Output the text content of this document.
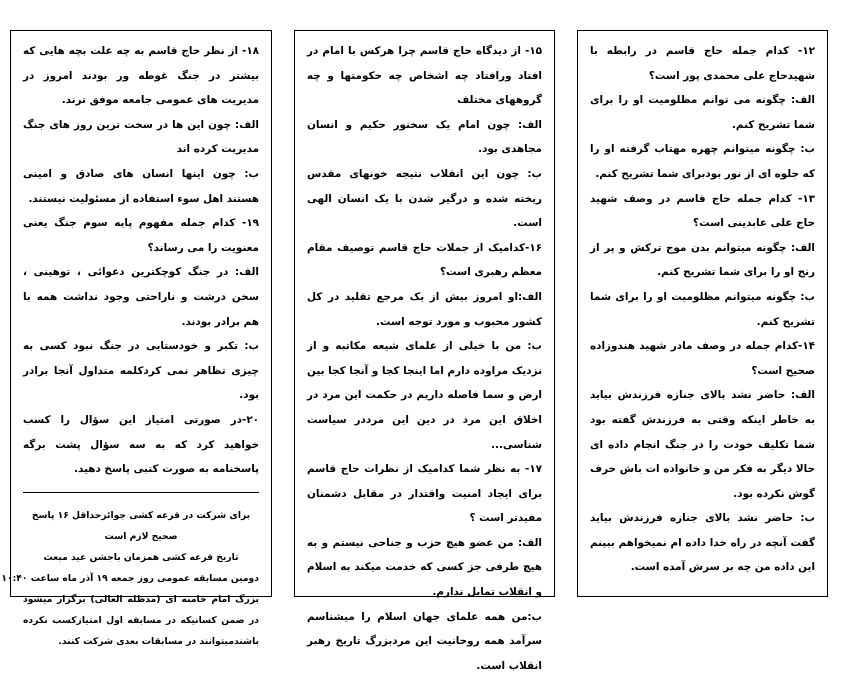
۱۲- کدام جمله حاج قاسم در رابطه با شهیدحاج علی محمدی پور است؟

الف: چگونه می توانم مظلومیت او را برای شما تشریح کنم.

ب: چگونه میتوانم چهره مهتاب گرفته او را که جلوه ای از نور بودبرای شما تشریح کنم.

۱۳- کدام جمله حاج قاسم در وصف شهید حاج علی عابدینی است؟

الف: چگونه میتوانم بدن موج ترکش و پر از رنج او را برای شما تشریح کنم.

ب: چگونه میتوانم مظلومیت او را برای شما تشریح کنم.

۱۴-کدام جمله در وصف مادر شهید هندوزاده صحیح است؟

الف: حاضر نشد بالای جنازه فرزندش بیاید به خاطر اینکه وقتی به فرزندش گفته بود شما تکلیف خودت را در جنگ انجام داده ای حالا دیگر به فکر من و خانواده ات باش حرف گوش نکرده بود.

ب: حاضر نشد بالای جنازه فرزندش بیاید گفت آنچه در راه خدا داده ام نمیخواهم ببینم این داده من چه بر سرش آمده است.

۱۵- از دیدگاه حاج قاسم چرا هرکس با امام در افتاد ورافتاد چه اشخاص چه حکومتها و چه گروههای مختلف

الف: چون امام یک سخنور حکیم و انسان مجاهدی بود.

ب: چون این انقلاب نتیجه خونهای مقدس ریخته شده و درگیر شدن با یک انسان الهی است.

۱۶-کدامیک از جملات حاج قاسم توصیف مقام معظم رهبری است؟

الف:او امروز بیش از یک مرجع تقلید در کل کشور محبوب و مورد توجه است.

ب: من با خیلی از علمای شیعه مکاتبه و از نزدیک مراوده دارم اما اینجا کجا و آنجا کجا بین ارض و سما فاصله داریم در حکمت این مرد در اخلاق این مرد در دین این مرددر سیاست شناسی...

۱۷- به نظر شما کدامیک از نظرات حاج قاسم برای ایجاد امنیت واقتدار در مقابل دشمنان مفیدتر است ؟

الف: من عضو هیچ حزب و جناحی نیستم و به هیچ طرفی جز کسی که خدمت میکند به اسلام و انقلاب تمایل ندارم.

ب:من همه علمای جهان اسلام را میشناسم سرآمد همه روحانیت این مردبزرگ تاریخ رهبر انقلاب است.

۱۸- از نظر حاج قاسم به چه علت بچه هایی که بیشتر در جنگ غوطه ور بودند امروز در مدیریت های عمومی جامعه موفق ترند.

الف: چون این ها در سخت ترین روز های جنگ مدیریت کرده اند

ب: چون اینها انسان های صادق و امینی هستند اهل سوء استفاده از مسئولیت نیستند.

۱۹- کدام جمله مفهوم پایه سوم جنگ یعنی معنویت را می رساند؟

الف: در جنگ کوچکترین دعوائی ، توهینی ، سخن درشت و ناراحتی وجود نداشت همه با هم برادر بودند.

ب: تکبر و خودستایی در جنگ نبود کسی به چیزی تظاهر نمی کردکلمه متداول آنجا برادر بود.

۲۰-در صورتی امتیاز این سؤال را کسب خواهید کرد که به سه سؤال پشت برگه پاسخنامه به صورت کتبی پاسخ دهید.

برای شرکت در قرعه کشی جوائزحداقل ۱۶ پاسخ
صحیح لازم است
تاریخ قرعه کشی همزمان باجشن عید مبعث
دومین مسابقه عمومی روز جمعه ۱۹ آذر ماه ساعت ۱۰:۴۰
بزرگ امام خامنه ای (مدظله العالی) برگزار میشود در ضمن کسانیکه در مسابقه اول امتیازکسب نکرده باشندمیتوانند در مسابقات بعدی شرکت کنند.
